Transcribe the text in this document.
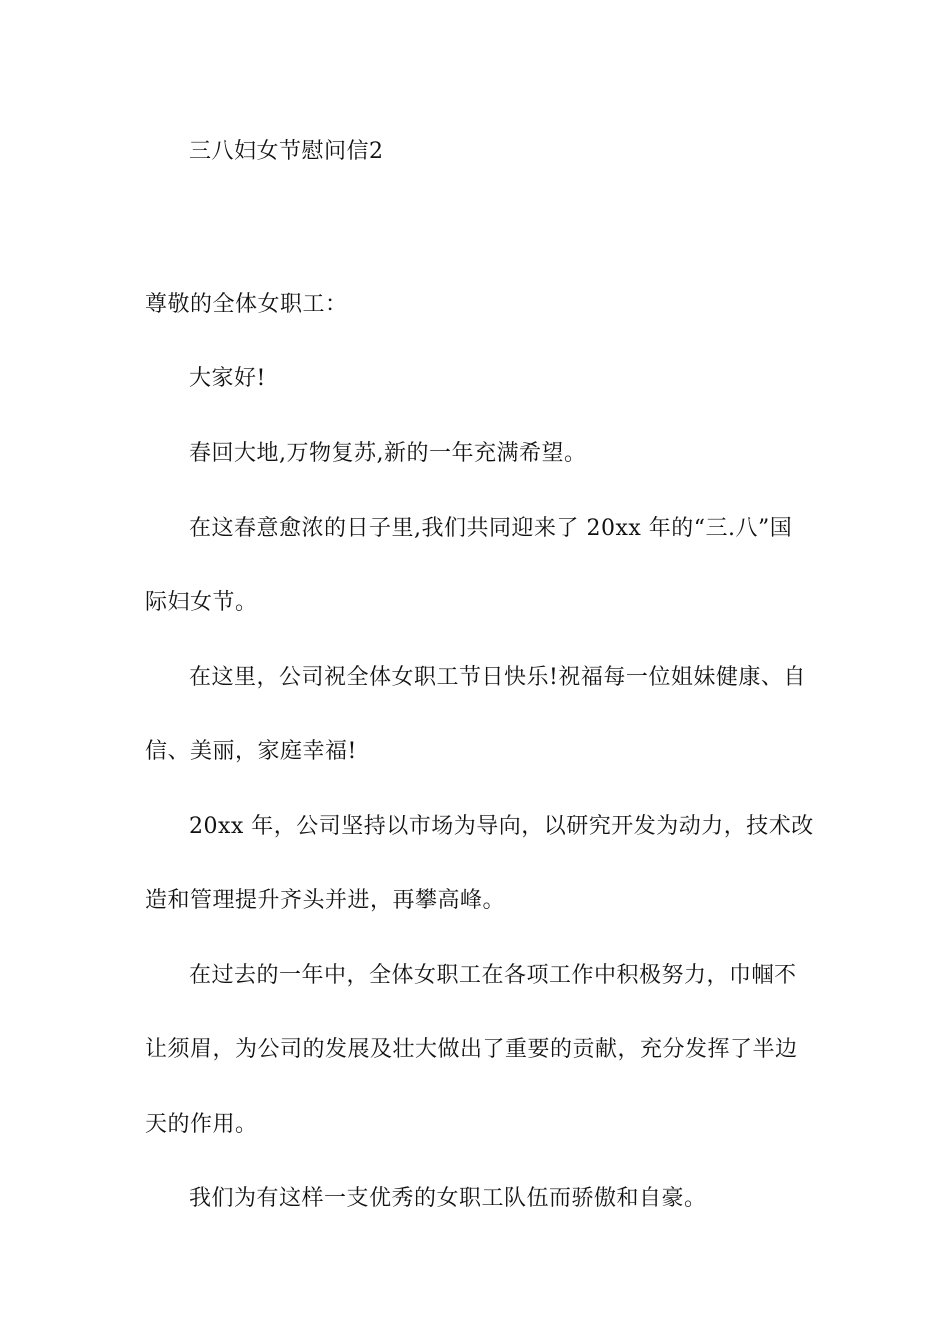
三八妇女节慰问信2
尊敬的全体女职工：
大家好!
春回大地,万物复苏,新的一年充满希望。
在这春意愈浓的日子里,我们共同迎来了 20xx 年的“三.八”国
际妇女节。
在这里，公司祝全体女职工节日快乐!祝福每一位姐妹健康、自
信、美丽，家庭幸福!
20xx 年，公司坚持以市场为导向，以研究开发为动力，技术改
造和管理提升齐头并进，再攀高峰。
在过去的一年中，全体女职工在各项工作中积极努力，巾帼不
让须眉，为公司的发展及壮大做出了重要的贡献，充分发挥了半边
天的作用。
我们为有这样一支优秀的女职工队伍而骄傲和自豪。
